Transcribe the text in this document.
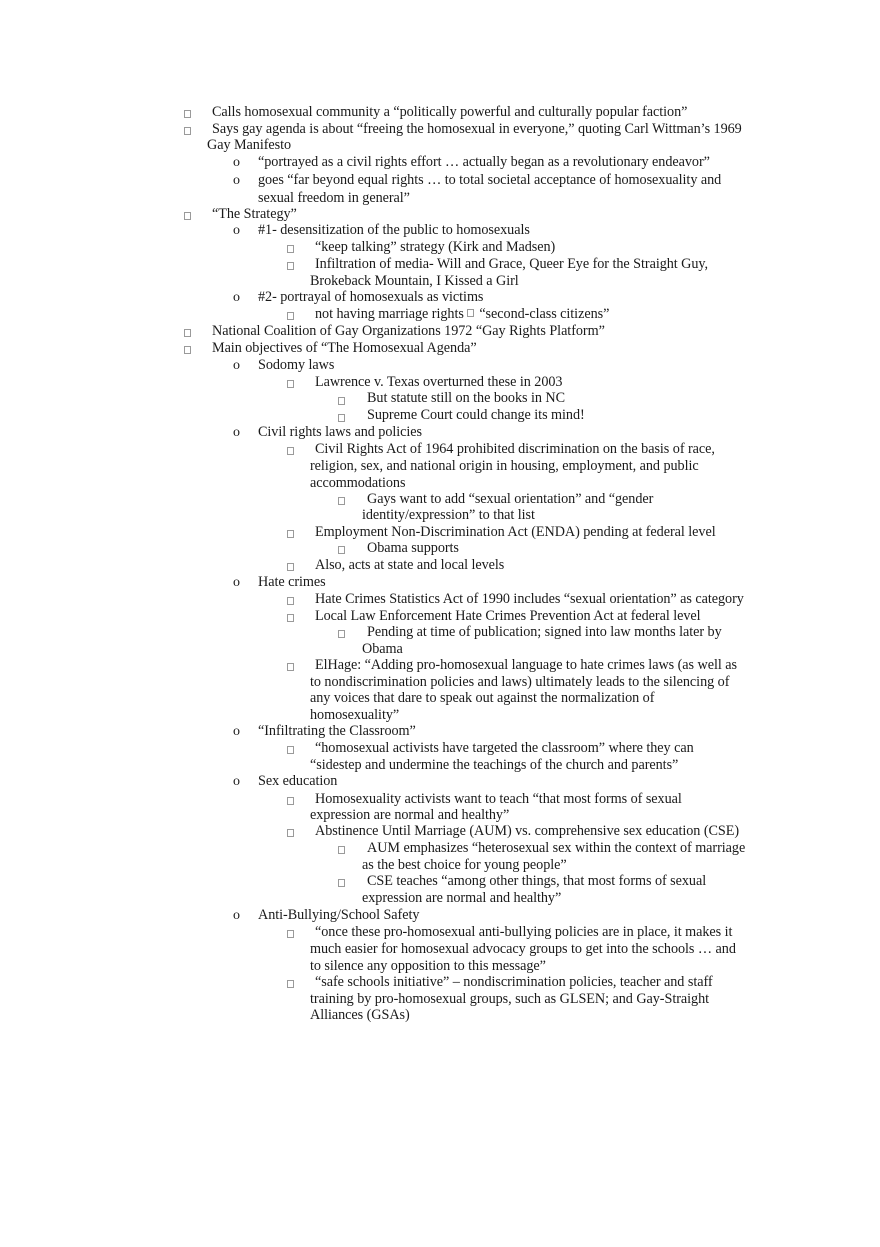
Calls homosexual community a “politically powerful and culturally popular faction”
Says gay agenda is about “freeing the homosexual in everyone,” quoting Carl Wittman’s 1969
Gay Manifesto
o “portrayed as a civil rights effort … actually began as a revolutionary endeavor”
o goes “far beyond equal rights … to total societal acceptance of homosexuality and
sexual freedom in general”
“The Strategy”
o #1- desensitization of the public to homosexuals
“keep talking” strategy (Kirk and Madsen)
Infiltration of media- Will and Grace, Queer Eye for the Straight Guy,
Brokeback Mountain, I Kissed a Girl
o #2- portrayal of homosexuals as victims
not having marriage rights “second-class citizens”
National Coalition of Gay Organizations 1972 “Gay Rights Platform”
Main objectives of “The Homosexual Agenda”
o Sodomy laws
Lawrence v. Texas overturned these in 2003
But statute still on the books in NC
Supreme Court could change its mind!
o Civil rights laws and policies
Civil Rights Act of 1964 prohibited discrimination on the basis of race,
religion, sex, and national origin in housing, employment, and public
accommodations
Gays want to add “sexual orientation” and “gender
identity/expression” to that list
Employment Non-Discrimination Act (ENDA) pending at federal level
Obama supports
Also, acts at state and local levels
o Hate crimes
Hate Crimes Statistics Act of 1990 includes “sexual orientation” as category
Local Law Enforcement Hate Crimes Prevention Act at federal level
Pending at time of publication; signed into law months later by
Obama
ElHage: “Adding pro-homosexual language to hate crimes laws (as well as
to nondiscrimination policies and laws) ultimately leads to the silencing of
any voices that dare to speak out against the normalization of
homosexuality”
o “Infiltrating the Classroom”
“homosexual activists have targeted the classroom” where they can
“sidestep and undermine the teachings of the church and parents”
o Sex education
Homosexuality activists want to teach “that most forms of sexual
expression are normal and healthy”
Abstinence Until Marriage (AUM) vs. comprehensive sex education (CSE)
AUM emphasizes “heterosexual sex within the context of marriage
as the best choice for young people”
CSE teaches “among other things, that most forms of sexual
expression are normal and healthy”
o Anti-Bullying/School Safety
“once these pro-homosexual anti-bullying policies are in place, it makes it
much easier for homosexual advocacy groups to get into the schools … and
to silence any opposition to this message”
“safe schools initiative” – nondiscrimination policies, teacher and staff
training by pro-homosexual groups, such as GLSEN; and Gay-Straight
Alliances (GSAs)
